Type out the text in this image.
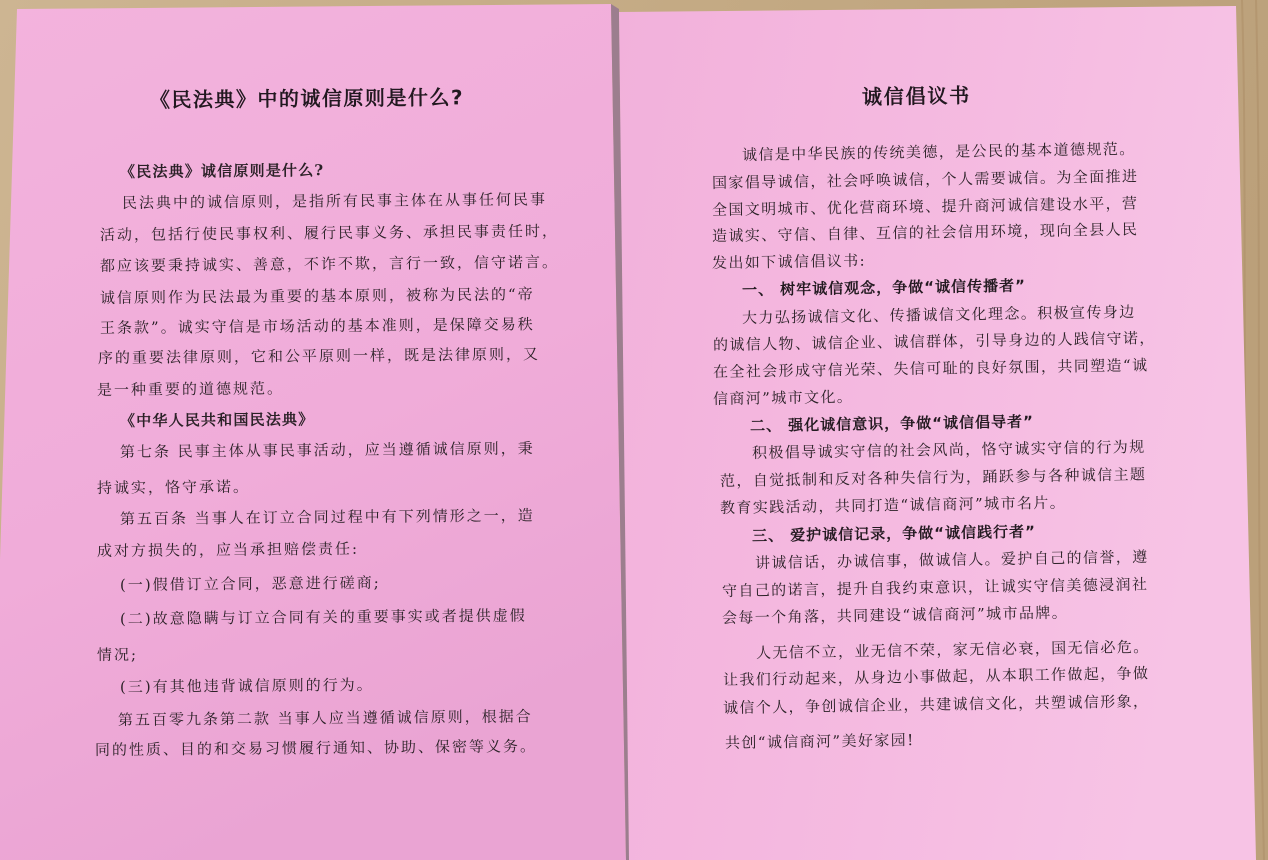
《民法典》中的诚信原则是什么?
《民法典》诚信原则是什么?
民法典中的诚信原则，是指所有民事主体在从事任何民事
活动，包括行使民事权利、履行民事义务、承担民事责任时，
都应该要秉持诚实、善意，不诈不欺，言行一致，信守诺言。
诚信原则作为民法最为重要的基本原则，被称为民法的“帝
王条款”。诚实守信是市场活动的基本准则，是保障交易秩
序的重要法律原则，它和公平原则一样，既是法律原则，又
是一种重要的道德规范。
《中华人民共和国民法典》
第七条 民事主体从事民事活动，应当遵循诚信原则，秉
持诚实，恪守承诺。
第五百条 当事人在订立合同过程中有下列情形之一，造
成对方损失的，应当承担赔偿责任:
(一)假借订立合同，恶意进行磋商;
(二)故意隐瞒与订立合同有关的重要事实或者提供虚假
情况;
(三)有其他违背诚信原则的行为。
第五百零九条第二款 当事人应当遵循诚信原则，根据合
同的性质、目的和交易习惯履行通知、协助、保密等义务。
诚信倡议书
诚信是中华民族的传统美德，是公民的基本道德规范。
国家倡导诚信，社会呼唤诚信，个人需要诚信。为全面推进
全国文明城市、优化营商环境、提升商河诚信建设水平，营
造诚实、守信、自律、互信的社会信用环境，现向全县人民
发出如下诚信倡议书:
一、 树牢诚信观念，争做“诚信传播者”
大力弘扬诚信文化、传播诚信文化理念。积极宣传身边
的诚信人物、诚信企业、诚信群体，引导身边的人践信守诺，
在全社会形成守信光荣、失信可耻的良好氛围，共同塑造“诚
信商河”城市文化。
二、 强化诚信意识，争做“诚信倡导者”
积极倡导诚实守信的社会风尚，恪守诚实守信的行为规
范，自觉抵制和反对各种失信行为，踊跃参与各种诚信主题
教育实践活动，共同打造“诚信商河”城市名片。
三、 爱护诚信记录，争做“诚信践行者”
讲诚信话，办诚信事，做诚信人。爱护自己的信誉，遵
守自己的诺言，提升自我约束意识，让诚实守信美德浸润社
会每一个角落，共同建设“诚信商河”城市品牌。
人无信不立，业无信不荣，家无信必衰，国无信必危。
让我们行动起来，从身边小事做起，从本职工作做起，争做
诚信个人，争创诚信企业，共建诚信文化，共塑诚信形象，
共创“诚信商河”美好家园!
